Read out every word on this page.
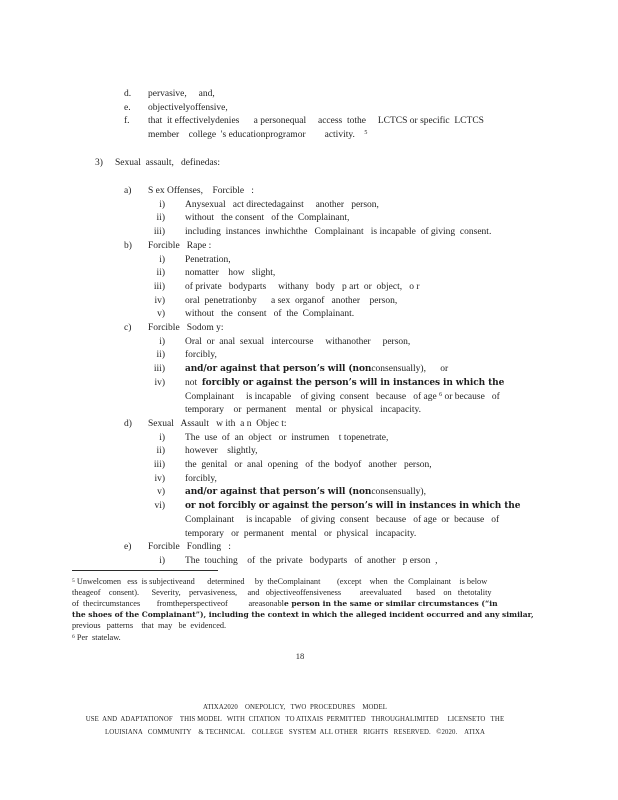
d. pervasive,     and,
e. objectivelyoffensive,
f. that  it effectivelydenies      a personequal     access  tothe     LCTCS or specific  LCTCS
member    college  's educationprogramor        activity.    $^5$
3) Sexual  assault,   definedas:
a) S ex Offenses,    Forcible   :
i) Anysexual   act directedagainst     another   person,
ii) without   the consent   of the  Complainant,
iii) including  instances  inwhichthe   Complainant   is incapable  of giving  consent.
b) Forcible   Rape :
i) Penetration,
ii) nomatter    how   slight,
iii) of private   bodyparts     withany   body   p art  or  object,   o r
iv) oral  penetrationby      a sex  organof   another    person,
v) without   the  consent   of  the  Complainant.
c) Forcible   Sodom y:
i) Oral  or  anal  sexual   intercourse     withanother     person,
ii) forcibly,
iii) and/or against that person’s will (nonconsensually),      or
iv) not  forcibly or against the person’s will in instances in which the
Complainant     is incapable    of giving  consent   because   of age $^6$ or because   of
temporary    or  permanent    mental   or  physical   incapacity.
d) Sexual   Assault   w ith  a n  Objec t:
i) The  use  of  an  object   or  instrumen    t topenetrate,
ii) however    slightly,
iii) the  genital   or  anal  opening   of  the  bodyof   another   person,
iv) forcibly,
v) and/or against that person’s will (nonconsensually),
vi) or not forcibly or against the person’s will in instances in which the
Complainant     is incapable    of giving  consent   because   of age  or  because   of
temporary   or  permanent   mental   or  physical   incapacity.
e) Forcible   Fondling   :
i) The  touching    of  the  private   bodyparts   of  another   p erson  ,
$^5$ Unwelcomen   ess  is subjectiveand      determined     by  theComplainant        (except    when   the  Complainant    is below
theageof    consent).      Severity,    pervasiveness,     and   objectiveoffensiveness         areevaluated       based    on   thetotality
of  thecircumstances        fromtheperspectiveof          areasonable person in the same or similar circumstances (“in
the shoes of the Complainant”), including the context in which the alleged incident occurred and any similar,
previous   patterns    that  may   be  evidenced.
$^6$ Per  statelaw.
18
ATIXA2020    ONEPOLICY,   TWO  PROCEDURES    MODEL
USE  AND  ADAPTATIONOF    THIS MODEL   WITH  CITATION   TO ATIXAIS  PERMITTED   THROUGHALIMITED     LICENSETO   THE
LOUISIANA   COMMUNITY    & TECHNICAL    COLLEGE   SYSTEM  ALL OTHER   RIGHTS   RESERVED.   ©2020.    ATIXA
